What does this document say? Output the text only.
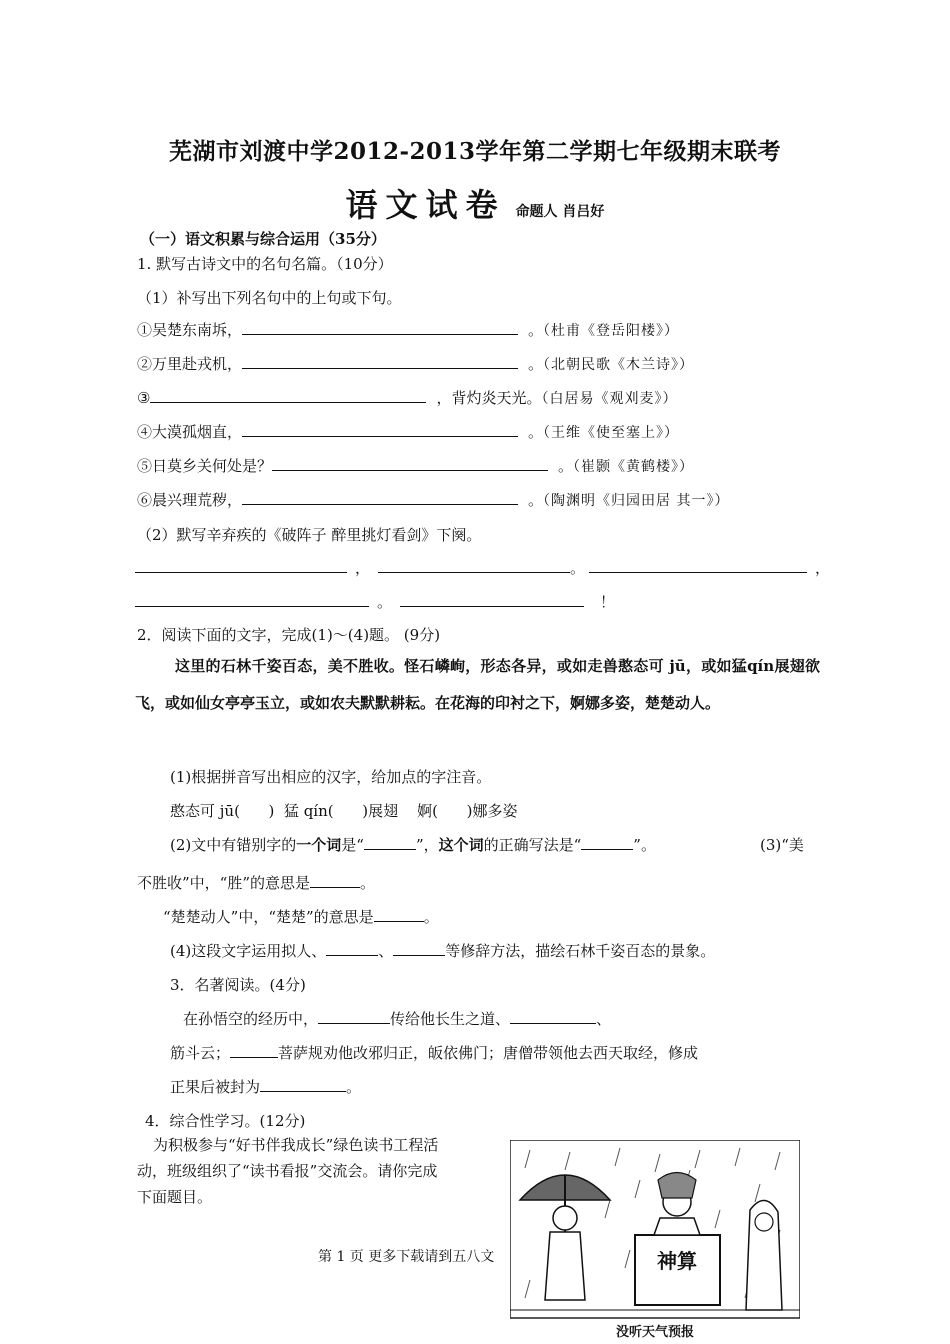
芜湖市刘渡中学2012-2013学年第二学期七年级期末联考
语文试卷 命题人 肖吕好
（一）语文积累与综合运用（35分）
1. 默写古诗文中的名句名篇。（10分）
（1）补写出下列名句中的上句或下句。
①吴楚东南坼，	。（杜甫《登岳阳楼》）
②万里赴戎机，	。（北朝民歌《木兰诗》）
③	，背灼炎天光。（白居易《观刈麦》）
④大漠孤烟直，	。（王维《使至塞上》）
⑤日莫乡关何处是？	。（崔颢《黄鹤楼》）
⑥晨兴理荒秽，	。（陶渊明《归园田居 其一》）
（2）默写辛弃疾的《破阵子 醉里挑灯看剑》下阕。
，	。	，
。	！
2．阅读下面的文字，完成(1)～(4)题。 (9分)
这里的石林千姿百态，美不胜收。怪石嶙峋，形态各异，或如走兽憨态可 jū，或如猛qín展翅欲飞，或如仙女亭亭玉立，或如农夫默默耕耘。在花海的印衬之下，婀娜多姿，楚楚动人。
(1)根据拼音写出相应的汉字，给加点的字注音。
憨态可 jū(      )  猛 qín(      )展翅    婀(      )娜多姿
(2)文中有错别字的一个词是“	”，这个词的正确写法是“	”。	(3)“美
不胜收”中，“胜”的意思是	。
“楚楚动人”中，“楚楚”的意思是	。
(4)这段文字运用拟人、	、	等修辞方法，描绘石林千姿百态的景象。
3．名著阅读。(4分)
在孙悟空的经历中，	传给他长生之道、	、
筋斗云；	菩萨规劝他改邪归正，皈依佛门；唐僧带领他去西天取经，修成
正果后被封为	。
4．综合性学习。(12分)
为积极参与“好书伴我成长”绿色读书工程活
动，班级组织了“读书看报”交流会。请你完成
下面题目。
神算
没听天气预报
第 1 页 更多下载请到五八文
